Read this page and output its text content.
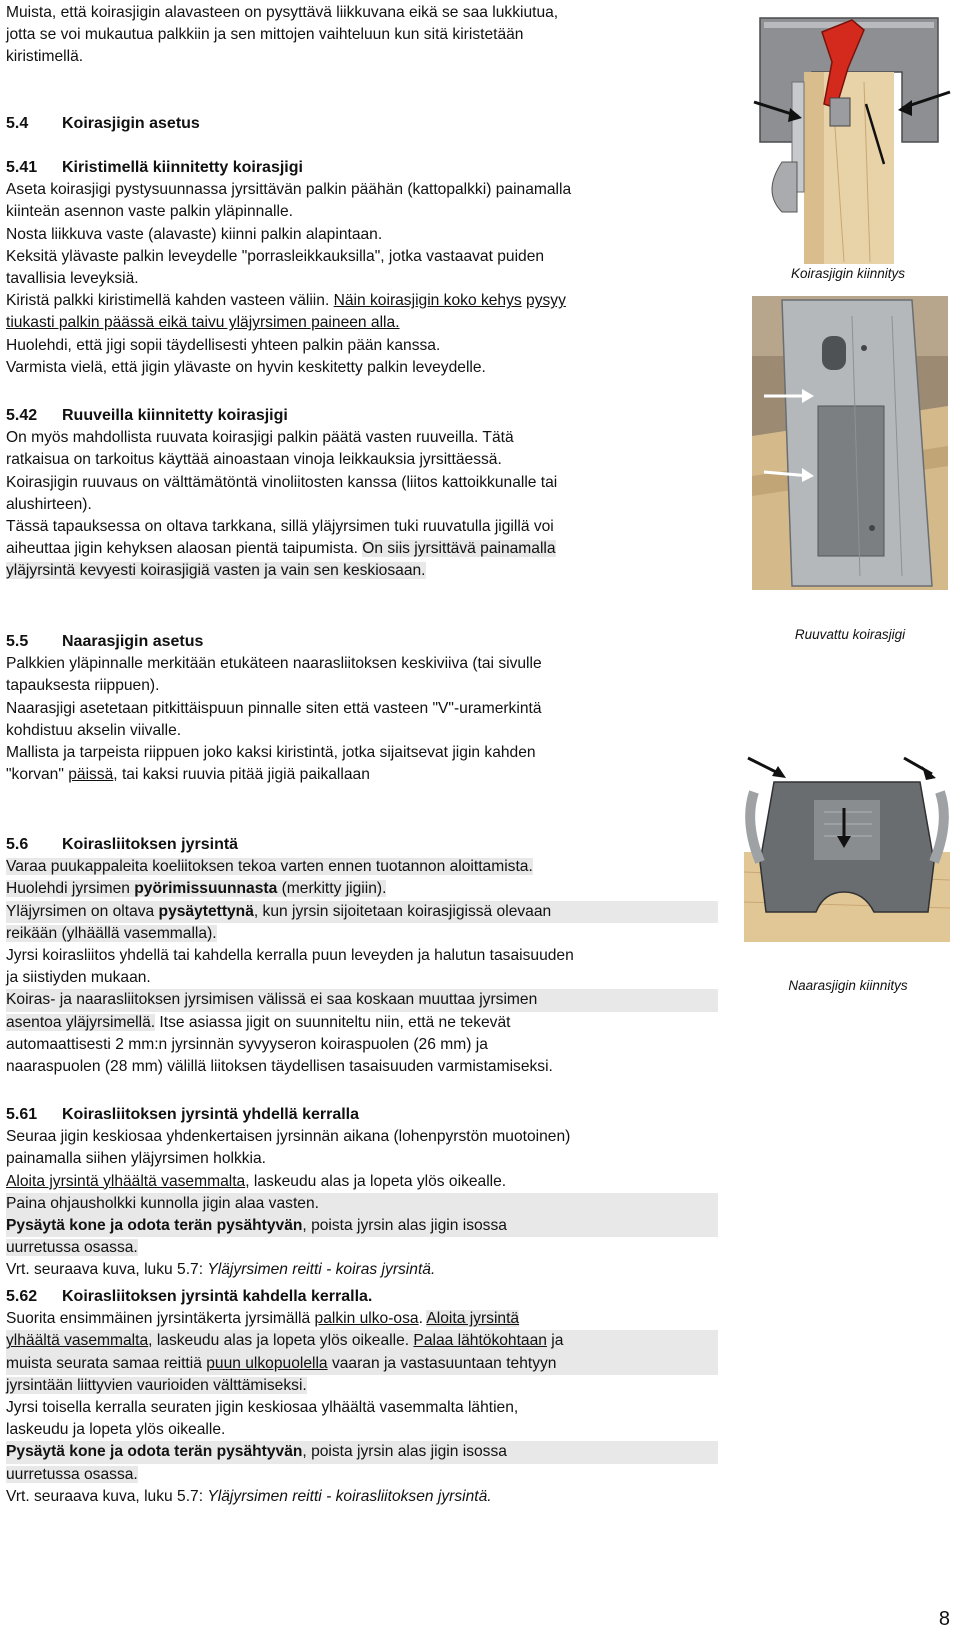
Muista, että koirasjigin alavasteen on pysyttävä liikkuvana eikä se saa lukkiutua,
jotta se voi mukautua palkkiin ja sen mittojen vaihteluun kun sitä kiristetään
kiristimellä.
5.4 Koirasjigin asetus
5.41 Kiristimellä kiinnitetty koirasjigi
Aseta koirasjigi pystysuunnassa jyrsittävän palkin päähän (kattopalkki) painamalla
kiinteän asennon vaste palkin yläpinnalle.
Nosta liikkuva vaste (alavaste) kiinni palkin alapintaan.
Keksitä ylävaste palkin leveydelle "porrasleikkauksilla", jotka vastaavat puiden
tavallisia leveyksiä.
Kiristä palkki kiristimellä kahden vasteen väliin. Näin koirasjigin koko kehys pysyy
tiukasti palkin päässä eikä taivu yläjyrsimen paineen alla.
Huolehdi, että jigi sopii täydellisesti yhteen palkin pään kanssa.
Varmista vielä, että jigin ylävaste on hyvin keskitetty palkin leveydelle.
5.42 Ruuveilla kiinnitetty koirasjigi
On myös mahdollista ruuvata koirasjigi palkin päätä vasten ruuveilla. Tätä
ratkaisua on tarkoitus käyttää ainoastaan vinoja leikkauksia jyrsittäessä.
Koirasjigin ruuvaus on välttämätöntä vinoliitosten kanssa (liitos kattoikkunalle tai
alushirteen).
Tässä tapauksessa on oltava tarkkana, sillä yläjyrsimen tuki ruuvatulla jigillä voi
aiheuttaa jigin kehyksen alaosan pientä taipumista. On siis jyrsittävä painamalla
yläjyrsintä kevyesti koirasjigiä vasten ja vain sen keskiosaan.
5.5 Naarasjigin asetus
Palkkien yläpinnalle merkitään etukäteen naarasliitoksen keskiviiva (tai sivulle
tapauksesta riippuen).
Naarasjigi asetetaan pitkittäispuun pinnalle siten että vasteen "V"-uramerkintä
kohdistuu akselin viivalle.
Mallista ja tarpeista riippuen joko kaksi kiristintä, jotka sijaitsevat jigin kahden
"korvan" päissä, tai kaksi ruuvia pitää jigiä paikallaan
5.6 Koirasliitoksen jyrsintä
Varaa puukappaleita koeliitoksen tekoa varten ennen tuotannon aloittamista.
Huolehdi jyrsimen pyörimissuunnasta (merkitty jigiin).
Yläjyrsimen on oltava pysäytettynä, kun jyrsin sijoitetaan koirasjigissä olevaan
reikään (ylhäällä vasemmalla).
Jyrsi koirasliitos yhdellä tai kahdella kerralla puun leveyden ja halutun tasaisuuden
ja siistiyden mukaan.
Koiras- ja naarasliitoksen jyrsimisen välissä ei saa koskaan muuttaa jyrsimen
asentoa yläjyrsimellä. Itse asiassa jigit on suunniteltu niin, että ne tekevät
automaattisesti 2 mm:n jyrsinnän syvyyseron koiraspuolen (26 mm) ja
naaraspuolen (28 mm) välillä liitoksen täydellisen tasaisuuden varmistamiseksi.
5.61 Koirasliitoksen jyrsintä yhdellä kerralla
Seuraa jigin keskiosaa yhdenkertaisen jyrsinnän aikana (lohenpyrstön muotoinen)
painamalla siihen yläjyrsimen holkkia.
Aloita jyrsintä ylhäältä vasemmalta, laskeudu alas ja lopeta ylös oikealle.
Paina ohjausholkki kunnolla jigin alaa vasten.
Pysäytä kone ja odota terän pysähtyvän, poista jyrsin alas jigin isossa
uurretussa osassa.
Vrt. seuraava kuva, luku 5.7: Yläjyrsimen reitti - koiras jyrsintä.
5.62 Koirasliitoksen jyrsintä kahdella kerralla.
Suorita ensimmäinen jyrsintäkerta jyrsimällä palkin ulko-osa. Aloita jyrsintä
ylhäältä vasemmalta, laskeudu alas ja lopeta ylös oikealle. Palaa lähtökohtaan ja
muista seurata samaa reittiä puun ulkopuolella vaaran ja vastasuuntaan tehtyyn
jyrsintään liittyvien vaurioiden välttämiseksi.
Jyrsi toisella kerralla seuraten jigin keskiosaa ylhäältä vasemmalta lähtien,
laskeudu ja lopeta ylös oikealle.
Pysäytä kone ja odota terän pysähtyvän, poista jyrsin alas jigin isossa
uurretussa osassa.
Vrt. seuraava kuva, luku 5.7: Yläjyrsimen reitti - koirasliitoksen jyrsintä.
Koirasjigin kiinnitys
Ruuvattu koirasjigi
Naarasjigin kiinnitys
8
